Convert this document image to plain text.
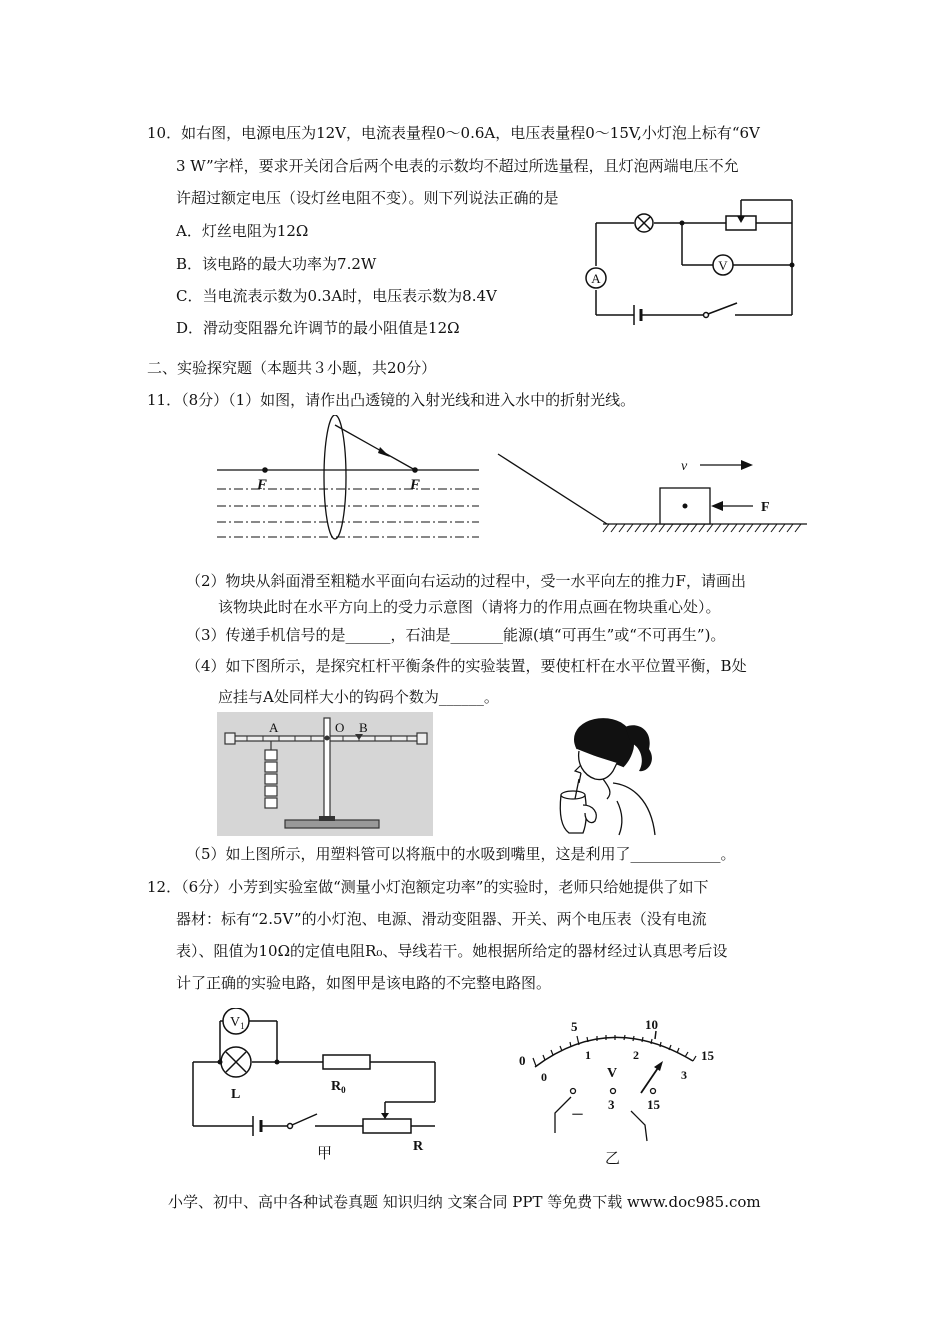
10．如右图，电源电压为12V，电流表量程0～0.6A，电压表量程0～15V,小灯泡上标有“6V
3 W”字样，要求开关闭合后两个电表的示数均不超过所选量程，且灯泡两端电压不允
许超过额定电压（设灯丝电阻不变）。则下列说法正确的是
A．灯丝电阻为12Ω
B．该电路的最大功率为7.2W
C．当电流表示数为0.3A时，电压表示数为8.4V
D．滑动变阻器允许调节的最小阻值是12Ω
A
V
二、实验探究题（本题共３小题，共20分）
11．（8分）（1）如图，请作出凸透镜的入射光线和进入水中的折射光线。
F	F
v
F
（2）物块从斜面滑至粗糙水平面向右运动的过程中，受一水平向左的推力F，请画出
该物块此时在水平方向上的受力示意图（请将力的作用点画在物块重心处）。
（3）传递手机信号的是______，石油是_______能源(填“可再生”或“不可再生”)。
（4）如下图所示，是探究杠杆平衡条件的实验装置，要使杠杆在水平位置平衡，B处
应挂与A处同样大小的钩码个数为______。
A	O B
（5）如上图所示，用塑料管可以将瓶中的水吸到嘴里，这是利用了____________。
12．（6分）小芳到实验室做“测量小灯泡额定功率”的实验时，老师只给她提供了如下
器材：标有“2.5V”的小灯泡、电源、滑动变阻器、开关、两个电压表（没有电流
表）、阻值为10Ω的定值电阻R₀、导线若干。她根据所给定的器材经过认真思考后设
计了正确的实验电路，如图甲是该电路的不完整电路图。
$V_1$
L
$R_0$
R
甲
0
5	10
15
0
1	2
3
V
－
3	15
乙
小学、初中、高中各种试卷真题 知识归纳 文案合同 PPT 等免费下载 www.doc985.com
